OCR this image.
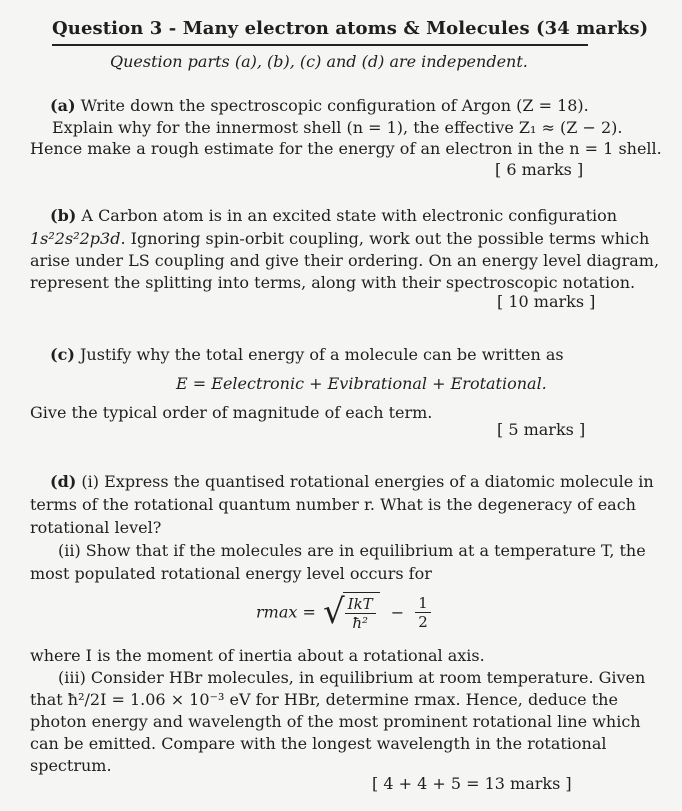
Question 3 - Many electron atoms & Molecules (34 marks)
Question parts (a), (b), (c) and (d) are independent.
(a) Write down the spectroscopic configuration of Argon (Z = 18).
Explain why for the innermost shell (n = 1), the effective Z₁ ≈ (Z − 2).
Hence make a rough estimate for the energy of an electron in the n = 1 shell.
[ 6 marks ]
(b) A Carbon atom is in an excited state with electronic configuration
1s²2s²2p3d. Ignoring spin-orbit coupling, work out the possible terms which
arise under LS coupling and give their ordering. On an energy level diagram,
represent the splitting into terms, along with their spectroscopic notation.
[ 10 marks ]
(c) Justify why the total energy of a molecule can be written as
E = Eelectronic + Evibrational + Erotational.
Give the typical order of magnitude of each term.
[ 5 marks ]
(d) (i) Express the quantised rotational energies of a diatomic molecule in
terms of the rotational quantum number r. What is the degeneracy of each
rotational level?
(ii) Show that if the molecules are in equilibrium at a temperature T, the
most populated rotational energy level occurs for
rmax = √ $\frac{\text{IkT}}{\text{ħ²}} - \frac{1}{2}$
where I is the moment of inertia about a rotational axis.
(iii) Consider HBr molecules, in equilibrium at room temperature. Given
that ħ²/2I = 1.06 × 10⁻³ eV for HBr, determine rmax. Hence, deduce the
photon energy and wavelength of the most prominent rotational line which
can be emitted. Compare with the longest wavelength in the rotational
spectrum.
[ 4 + 4 + 5 = 13 marks ]
